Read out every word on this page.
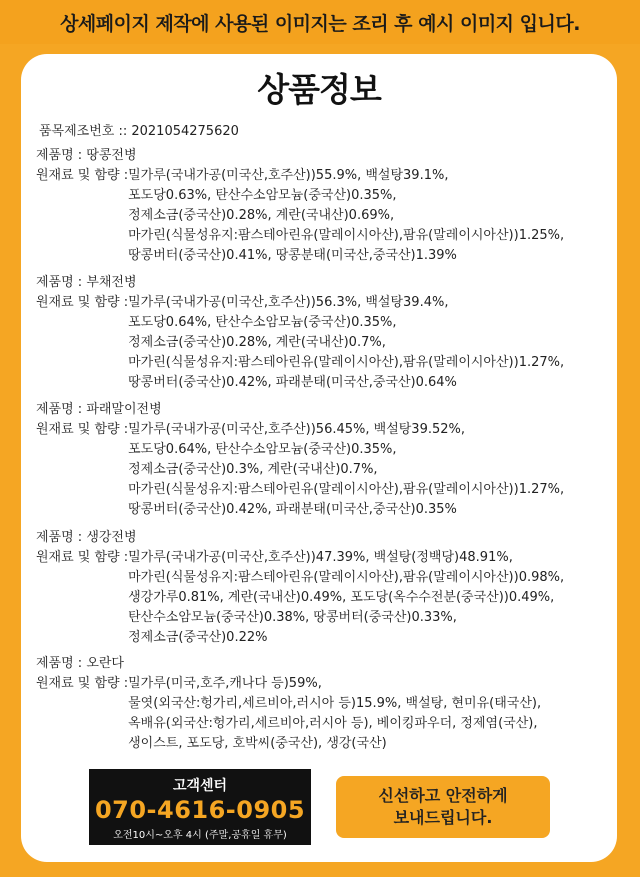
상세페이지 제작에 사용된 이미지는 조리 후 예시 이미지 입니다.
상품정보
품목제조번호 :: 2021054275620
제품명 : 땅콩전병
원재료 및 함량 : 밀가루(국내가공(미국산,호주산))55.9%, 백설탕39.1%,
포도당0.63%, 탄산수소암모늄(중국산)0.35%,
정제소금(중국산)0.28%, 계란(국내산)0.69%,
마가린(식물성유지:팜스테아린유(말레이시아산),팜유(말레이시아산))1.25%,
땅콩버터(중국산)0.41%, 땅콩분태(미국산,중국산)1.39%
제품명 : 부채전병
원재료 및 함량 : 밀가루(국내가공(미국산,호주산))56.3%, 백설탕39.4%,
포도당0.64%, 탄산수소암모늄(중국산)0.35%,
정제소금(중국산)0.28%, 계란(국내산)0.7%,
마가린(식물성유지:팜스테아린유(말레이시아산),팜유(말레이시아산))1.27%,
땅콩버터(중국산)0.42%, 파래분태(미국산,중국산)0.64%
제품명 : 파래말이전병
원재료 및 함량 : 밀가루(국내가공(미국산,호주산))56.45%, 백설탕39.52%,
포도당0.64%, 탄산수소암모늄(중국산)0.35%,
정제소금(중국산)0.3%, 계란(국내산)0.7%,
마가린(식물성유지:팜스테아린유(말레이시아산),팜유(말레이시아산))1.27%,
땅콩버터(중국산)0.42%, 파래분태(미국산,중국산)0.35%
제품명 : 생강전병
원재료 및 함량 : 밀가루(국내가공(미국산,호주산))47.39%, 백설탕(정백당)48.91%,
마가린(식물성유지:팜스테아린유(말레이시아산),팜유(말레이시아산))0.98%,
생강가루0.81%, 계란(국내산)0.49%, 포도당(옥수수전분(중국산))0.49%,
탄산수소암모늄(중국산)0.38%, 땅콩버터(중국산)0.33%,
정제소금(중국산)0.22%
제품명 : 오란다
원재료 및 함량 : 밀가루(미국,호주,캐나다 등)59%,
물엿(외국산:헝가리,세르비아,러시아 등)15.9%, 백설탕, 현미유(태국산),
옥배유(외국산:헝가리,세르비아,러시아 등), 베이킹파우더, 정제염(국산),
생이스트, 포도당, 호박씨(중국산), 생강(국산)
고객센터
070-4616-0905
오전10시~오후 4시 (주말,공휴일 휴무)
신선하고 안전하게
보내드립니다.
